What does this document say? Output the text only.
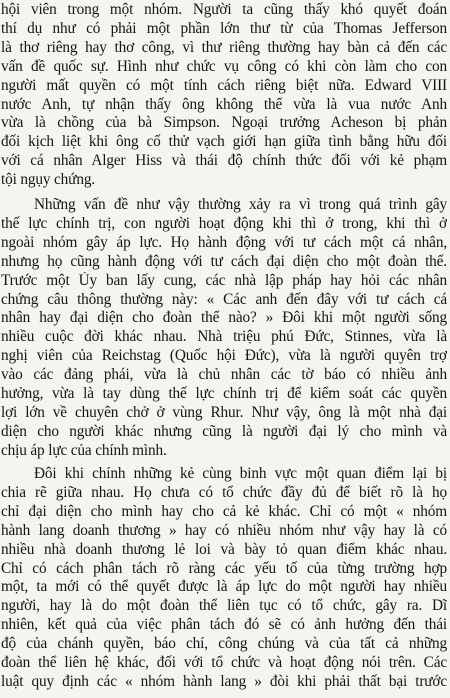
hội viên trong một nhóm. Người ta cũng thấy khó quyết đoán
thí dụ như có phải một phần lớn thư từ của Thomas Jefferson
là thơ riêng hay thơ công, vì thư riêng thường hay bàn cả đến các
vấn đề quốc sự. Hình như chức vụ công có khi còn làm cho con
người mất quyền có một tính cách riêng biệt nữa. Edward VIII
nước Anh, tự nhận thấy ông không thể vừa là vua nước Anh
vừa là chồng của bà Simpson. Ngoại trưởng Acheson bị phản
đối kịch liệt khi ông cố thử vạch giới hạn giữa tình bằng hữu đối
với cá nhân Alger Hiss và thái độ chính thức đối với kẻ phạm
tội ngụy chứng.
Những vấn đề như vậy thường xảy ra vì trong quá trình gây
thế lực chính trị, con người hoạt động khi thì ở trong, khi thì ở
ngoài nhóm gây áp lực. Họ hành động với tư cách một cá nhân,
nhưng họ cũng hành động với tư cách đại diện cho một đoàn thể.
Trước một Ủy ban lấy cung, các nhà lập pháp hay hỏi các nhân
chứng câu thông thường này: « Các anh đến đây với tư cách cá
nhân hay đại diện cho đoàn thể nào? » Đôi khi một người sống
nhiều cuộc đời khác nhau. Nhà triệu phú Đức, Stinnes, vừa là
nghị viên của Reichstag (Quốc hội Đức), vừa là người quyên trợ
vào các đảng phái, vừa là chủ nhân các tờ báo có nhiều ảnh
hưởng, vừa là tay dùng thế lực chính trị để kiểm soát các quyền
lợi lớn về chuyên chở ở vùng Rhur. Như vậy, ông là một nhà đại
diện cho người khác nhưng cũng là người đại lý cho mình và
chịu áp lực của chính mình.
Đôi khi chính những kẻ cùng binh vực một quan điểm lại bị
chia rẽ giữa nhau. Họ chưa có tổ chức đầy đủ để biết rõ là họ
chỉ đại diện cho mình hay cho cả kẻ khác. Chỉ có một « nhóm
hành lang doanh thương » hay có nhiều nhóm như vậy hay là có
nhiều nhà doanh thương lẻ loi và bày tỏ quan điểm khác nhau.
Chỉ có cách phân tách rõ ràng các yếu tố của từng trường hợp
một, ta mới có thể quyết được là áp lực do một người hay nhiều
người, hay là do một đoàn thể liên tục có tổ chức, gây ra. Dĩ
nhiên, kết quả của việc phân tách đó sẽ có ảnh hưởng đến thái
độ của chánh quyền, báo chí, công chúng và của tất cả những
đoàn thể liên hệ khác, đối với tổ chức và hoạt động nói trên. Các
luật quy định các « nhóm hành lang » đòi khi phải thất bại trước
